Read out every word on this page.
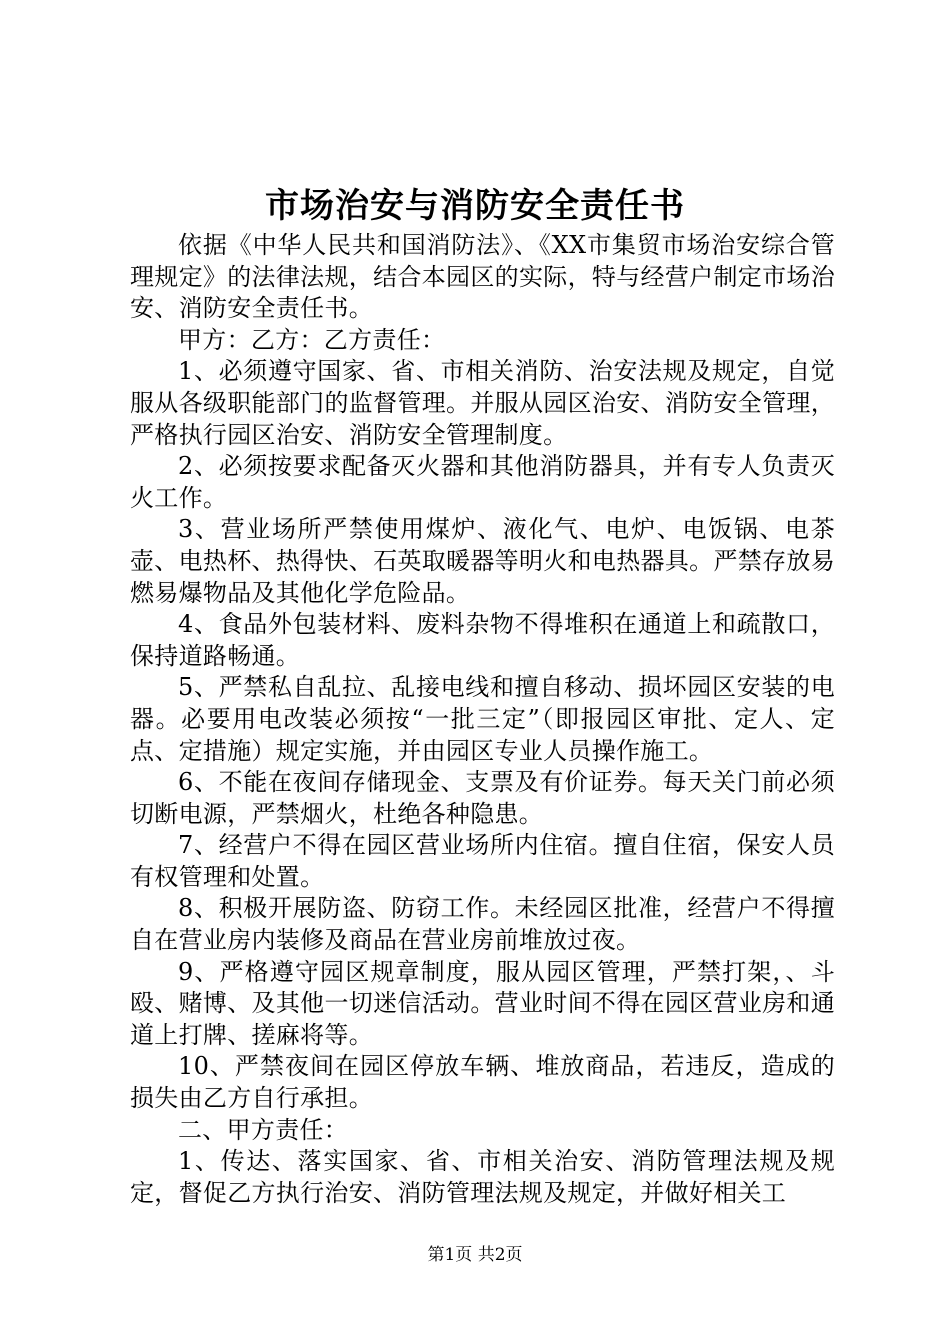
市场治安与消防安全责任书

依据《中华人民共和国消防法》、《XX市集贸市场治安综合管理规定》的法律法规，结合本园区的实际，特与经营户制定市场治安、消防安全责任书。

甲方：乙方：乙方责任：

1、必须遵守国家、省、市相关消防、治安法规及规定，自觉服从各级职能部门的监督管理。并服从园区治安、消防安全管理，严格执行园区治安、消防安全管理制度。

2、必须按要求配备灭火器和其他消防器具，并有专人负责灭火工作。

3、营业场所严禁使用煤炉、液化气、电炉、电饭锅、电茶壶、电热杯、热得快、石英取暖器等明火和电热器具。严禁存放易燃易爆物品及其他化学危险品。

4、食品外包装材料、废料杂物不得堆积在通道上和疏散口，保持道路畅通。

5、严禁私自乱拉、乱接电线和擅自移动、损坏园区安装的电器。必要用电改装必须按“一批三定”（即报园区审批、定人、定点、定措施）规定实施，并由园区专业人员操作施工。

6、不能在夜间存储现金、支票及有价证券。每天关门前必须切断电源，严禁烟火，杜绝各种隐患。

7、经营户不得在园区营业场所内住宿。擅自住宿，保安人员有权管理和处置。

8、积极开展防盗、防窃工作。未经园区批准，经营户不得擅自在营业房内装修及商品在营业房前堆放过夜。

9、严格遵守园区规章制度，服从园区管理，严禁打架，、斗殴、赌博、及其他一切迷信活动。营业时间不得在园区营业房和通道上打牌、搓麻将等。

10、严禁夜间在园区停放车辆、堆放商品，若违反，造成的损失由乙方自行承担。

二、甲方责任：

1、传达、落实国家、省、市相关治安、消防管理法规及规定，督促乙方执行治安、消防管理法规及规定，并做好相关工

第1页 共2页
